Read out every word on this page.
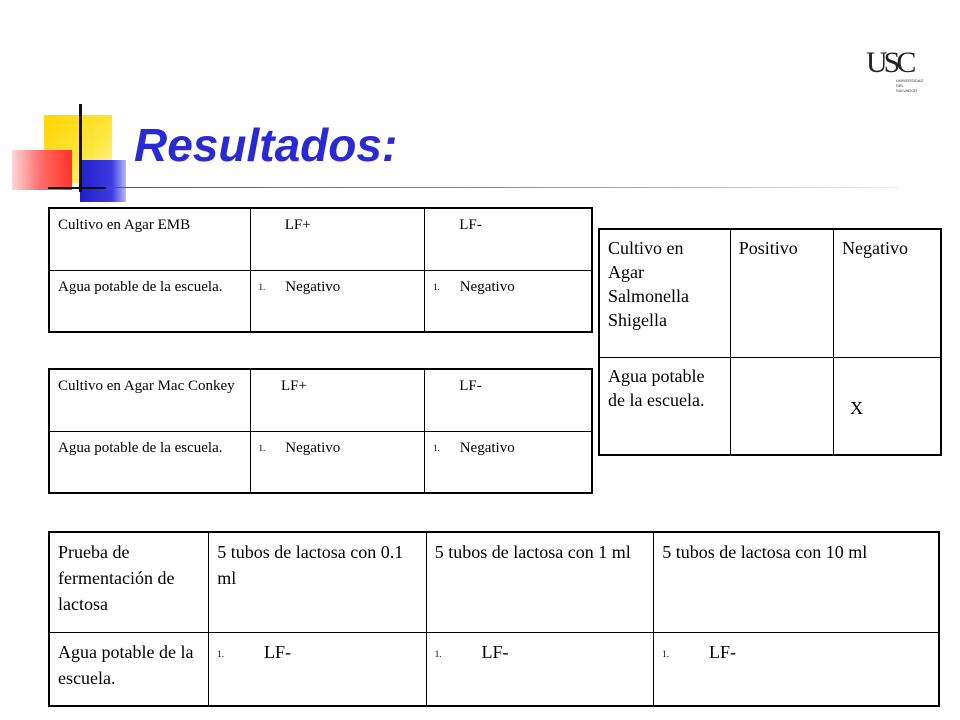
Resultados:
USC
UNIVERSIDAD DEL SALVADOR
Cultivo en Agar EMB	LF+	LF-
Agua potable de la escuela.	1. Negativo	1. Negativo
Cultivo en Agar Mac Conkey	LF+	LF-
Agua potable de la escuela.	1. Negativo	1. Negativo
Cultivo en Agar Salmonella Shigella	Positivo	Negativo
Agua potable de la escuela.		X
Prueba de fermentación de lactosa	5 tubos de lactosa con 0.1 ml	5 tubos de lactosa con 1 ml	5 tubos de lactosa con 10 ml
Agua potable de la escuela.	1. LF-	1. LF-	1. LF-
